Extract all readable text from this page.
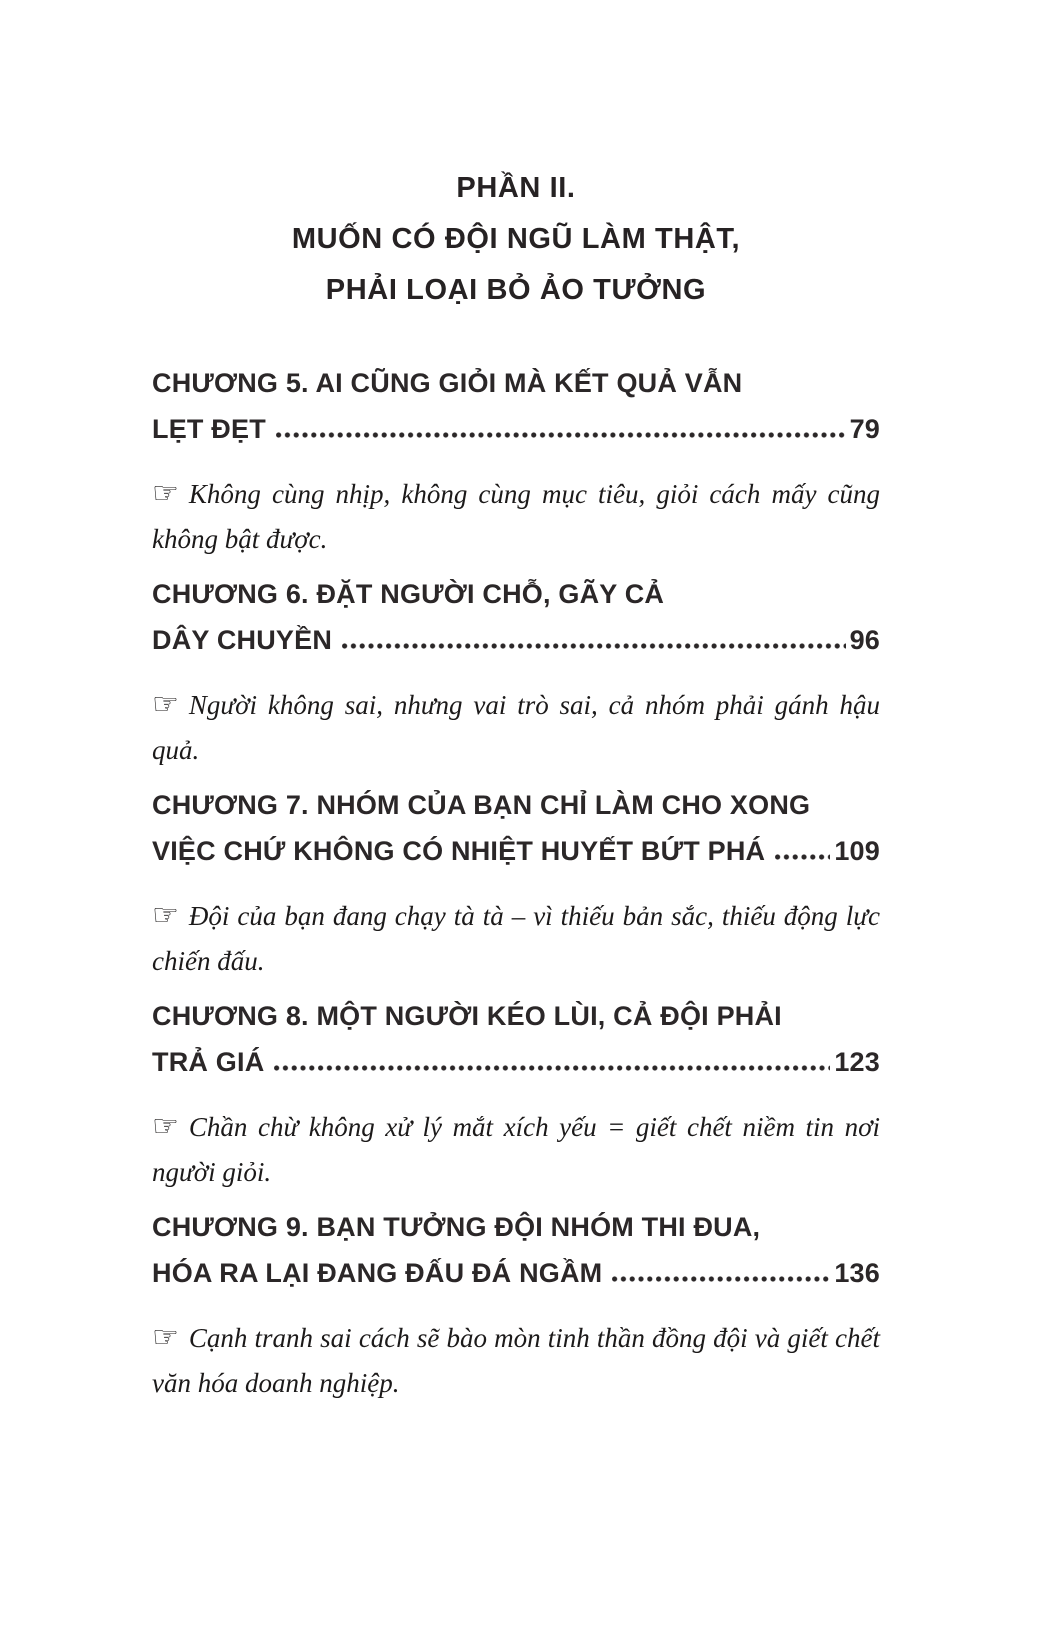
PHẦN II.
MUỐN CÓ ĐỘI NGŨ LÀM THẬT,
PHẢI LOẠI BỎ ẢO TƯỞNG
CHƯƠNG 5. AI CŨNG GIỎI MÀ KẾT QUẢ VẪN
LẸT ĐẸT	79

☞ Không cùng nhịp, không cùng mục tiêu, giỏi cách mấy cũng không bật được.

CHƯƠNG 6. ĐẶT NGƯỜI CHỖ, GÃY CẢ
DÂY CHUYỀN	96

☞ Người không sai, nhưng vai trò sai, cả nhóm phải gánh hậu quả.

CHƯƠNG 7. NHÓM CỦA BẠN CHỈ LÀM CHO XONG
VIỆC CHỨ KHÔNG CÓ NHIỆT HUYẾT BỨT PHÁ	109

☞ Đội của bạn đang chạy tà tà – vì thiếu bản sắc, thiếu động lực chiến đấu.

CHƯƠNG 8. MỘT NGƯỜI KÉO LÙI, CẢ ĐỘI PHẢI
TRẢ GIÁ	123

☞ Chần chừ không xử lý mắt xích yếu = giết chết niềm tin nơi người giỏi.

CHƯƠNG 9. BẠN TƯỞNG ĐỘI NHÓM THI ĐUA,
HÓA RA LẠI ĐANG ĐẤU ĐÁ NGẦM	136

☞ Cạnh tranh sai cách sẽ bào mòn tinh thần đồng đội và giết chết văn hóa doanh nghiệp.
